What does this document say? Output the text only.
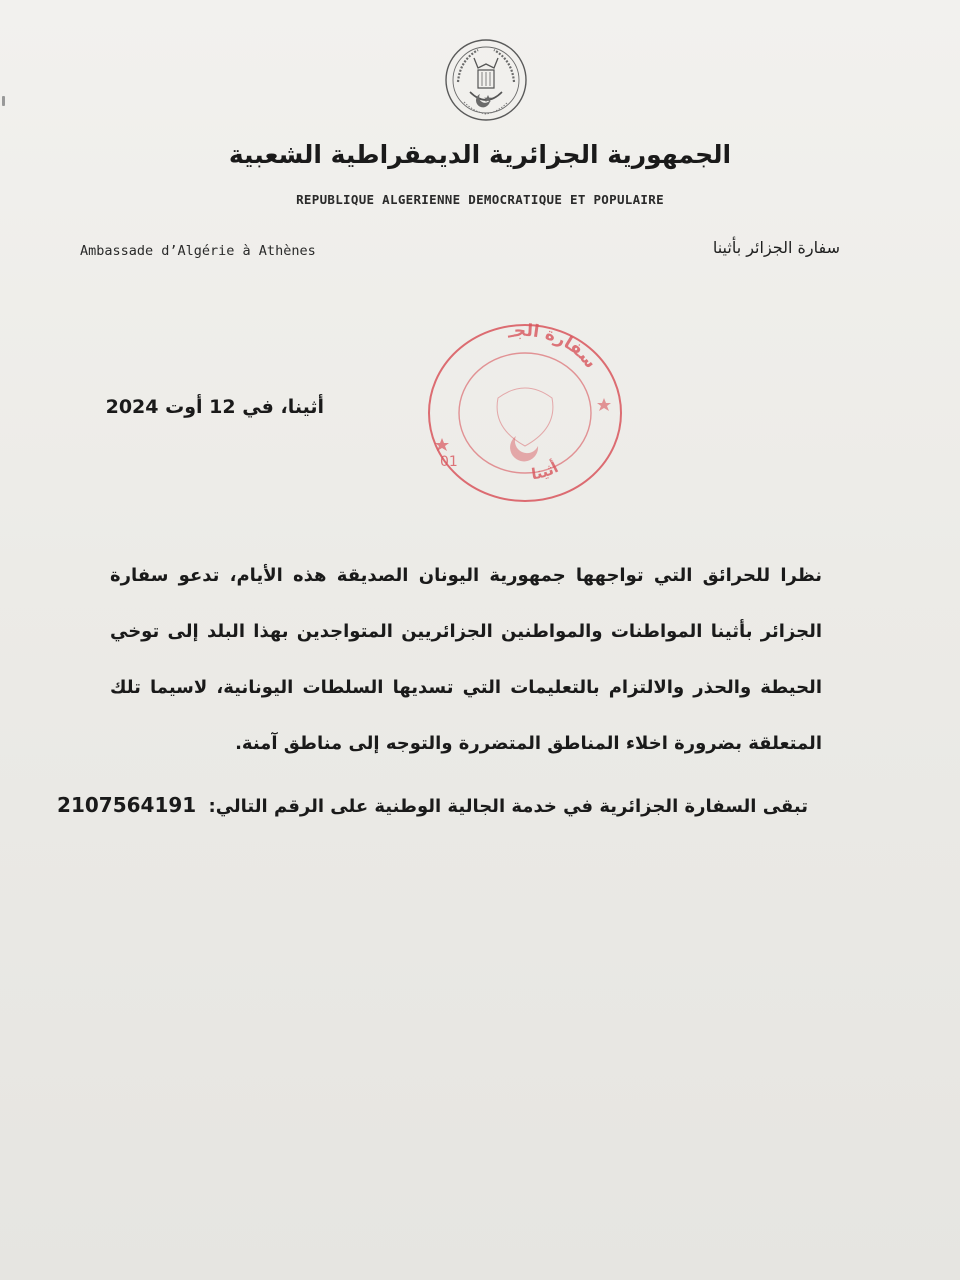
الجمهورية الجزائرية الديمقراطية الشعبية
REPUBLIQUE ALGERIENNE DEMOCRATIQUE ET POPULAIRE
Ambassade d’Algérie à Athènes	سفارة الجزائر بأثينا
سفارة الجـ
أثينا
01
أثينا، في 12 أوت 2024

نظرا للحرائق التي تواجهها جمهورية اليونان الصديقة هذه الأيام، تدعو سفارة الجزائر بأثينا المواطنات والمواطنين الجزائريين المتواجدين بهذا البلد إلى توخي الحيطة والحذر والالتزام بالتعليمات التي تسديها السلطات اليونانية، لاسيما تلك المتعلقة بضرورة اخلاء المناطق المتضررة والتوجه إلى مناطق آمنة.

تبقى السفارة الجزائرية في خدمة الجالية الوطنية على الرقم التالي: 2107564191
